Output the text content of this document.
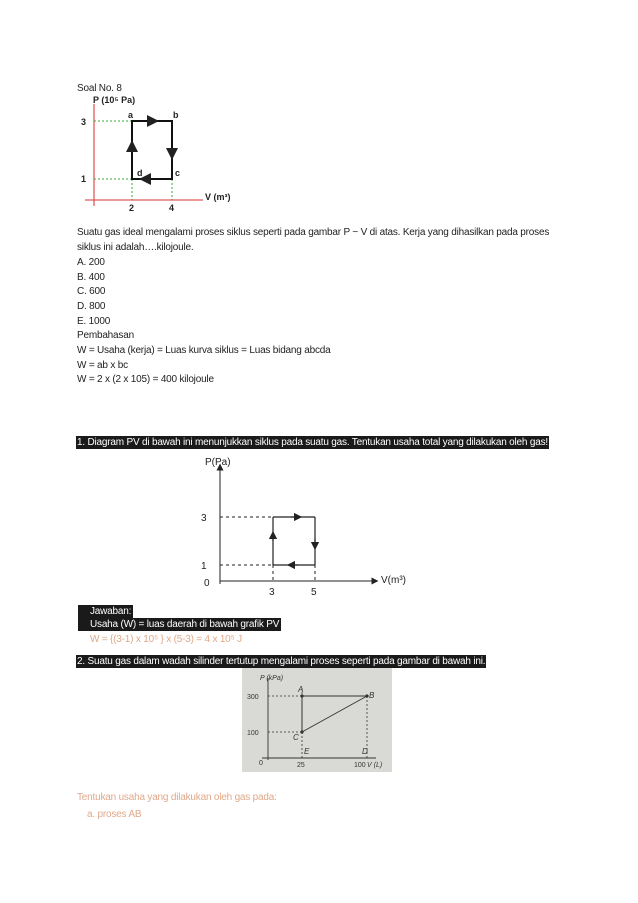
Soal No. 8
P (10⁵ Pa)
V (m³)
3
1
2	4
a	b
c
d
Suatu gas ideal mengalami proses siklus seperti pada gambar P − V di atas. Kerja yang dihasilkan pada proses
siklus ini adalah….kilojoule.
A. 200
B. 400
C. 600
D. 800
E. 1000
Pembahasan
W = Usaha (kerja) = Luas kurva siklus = Luas bidang abcda
W = ab x bc
W = 2 x (2 x 105) = 400 kilojoule
1. Diagram PV di bawah ini menunjukkan siklus pada suatu gas. Tentukan usaha total yang dilakukan oleh gas!
P(Pa)
V(m³)
3
1
0
3	5
Jawaban:
Usaha (W) = luas daerah di bawah grafik PV
W = {(3-1) x 10⁵ } x (5-3) = 4 x 10⁵ J
2. Suatu gas dalam wadah silinder tertutup mengalami proses seperti pada gambar di bawah ini.
P (kPa)
V (L)
300
100
0	25	100
A
B
C
E	D
Tentukan usaha yang dilakukan oleh gas pada:
a. proses AB
